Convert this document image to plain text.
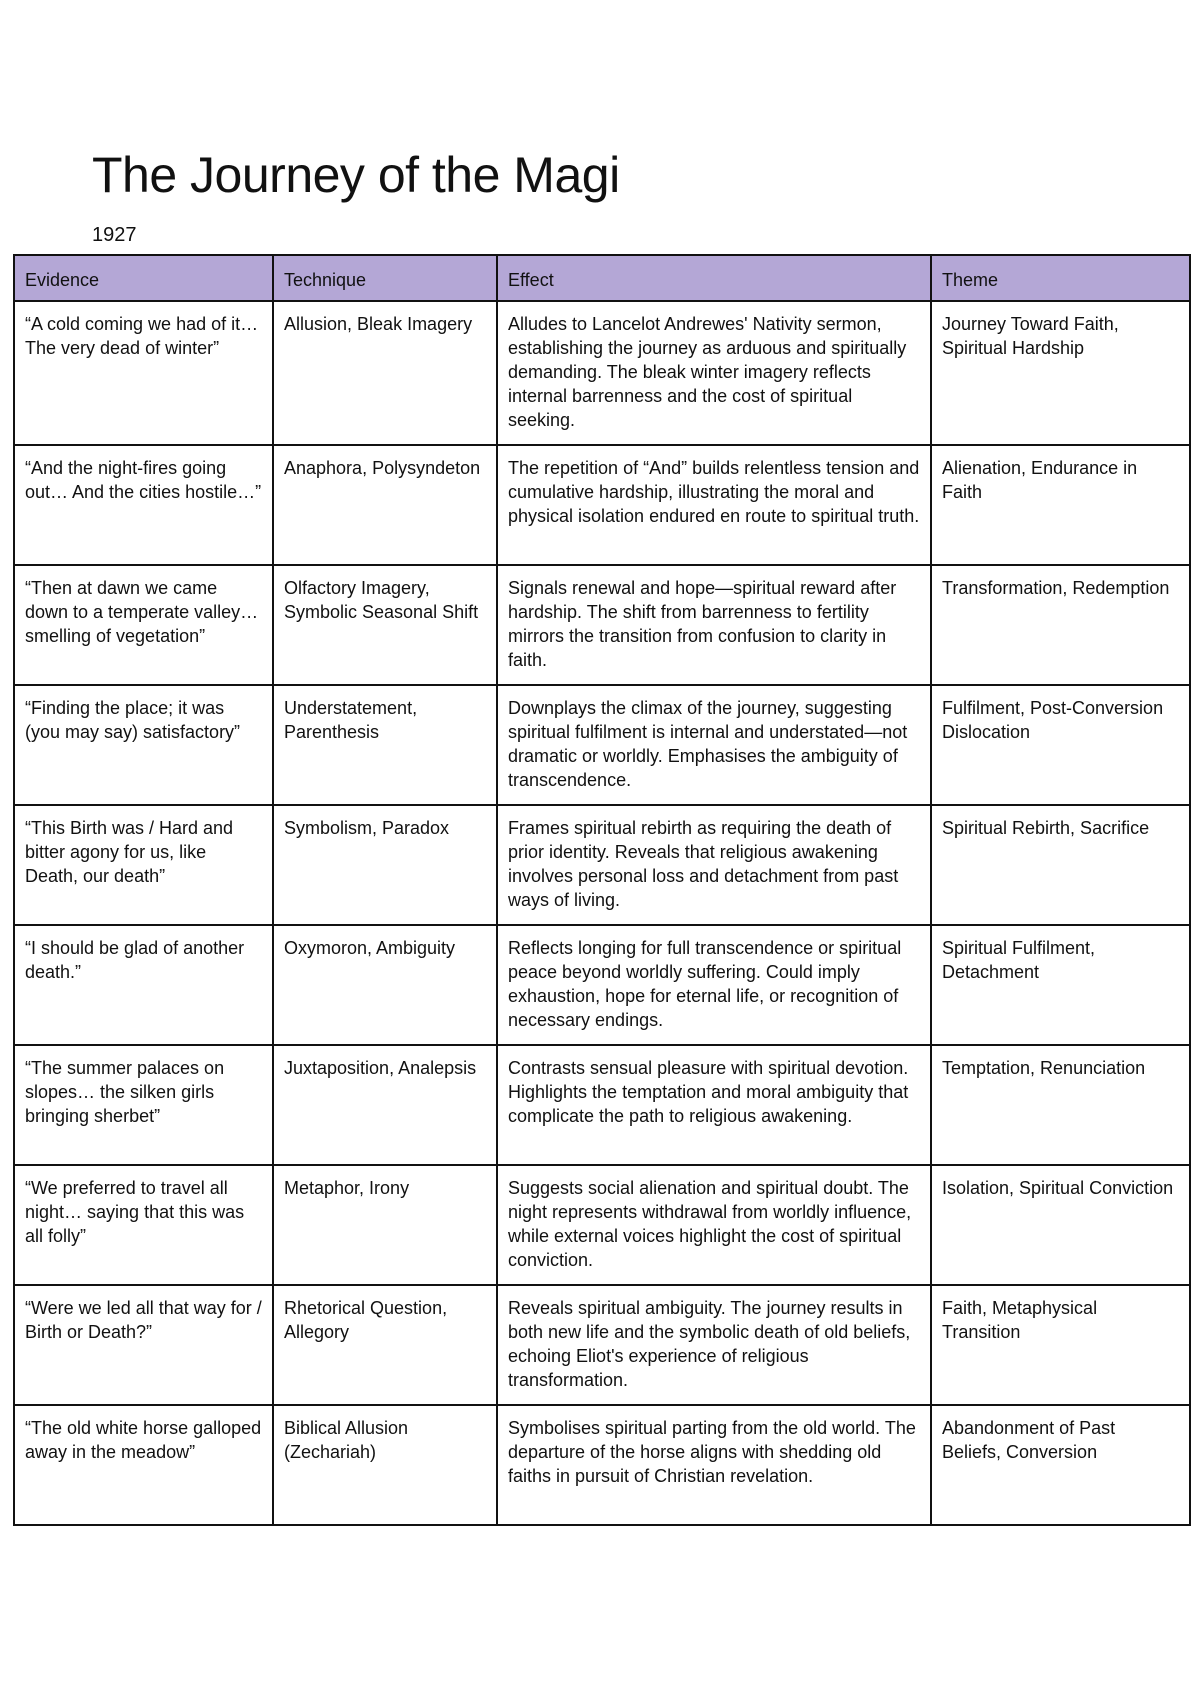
The Journey of the Magi

1927

Evidence	Technique	Effect	Theme
“A cold coming we had of it… The very dead of winter”	Allusion, Bleak Imagery	Alludes to Lancelot Andrewes' Nativity sermon, establishing the journey as arduous and spiritually demanding. The bleak winter imagery reflects internal barrenness and the cost of spiritual seeking.	Journey Toward Faith, Spiritual Hardship
“And the night-fires going out… And the cities hostile…”	Anaphora, Polysyndeton	The repetition of “And” builds relentless tension and cumulative hardship, illustrating the moral and physical isolation endured en route to spiritual truth.	Alienation, Endurance in Faith
“Then at dawn we came down to a temperate valley…smelling of vegetation”	Olfactory Imagery, Symbolic Seasonal Shift	Signals renewal and hope—spiritual reward after hardship. The shift from barrenness to fertility mirrors the transition from confusion to clarity in faith.	Transformation, Redemption
“Finding the place; it was (you may say) satisfactory”	Understatement, Parenthesis	Downplays the climax of the journey, suggesting spiritual fulfilment is internal and understated—not dramatic or worldly. Emphasises the ambiguity of transcendence.	Fulfilment, Post-Conversion Dislocation
“This Birth was / Hard and bitter agony for us, like Death, our death”	Symbolism, Paradox	Frames spiritual rebirth as requiring the death of prior identity. Reveals that religious awakening involves personal loss and detachment from past ways of living.	Spiritual Rebirth, Sacrifice
“I should be glad of another death.”	Oxymoron, Ambiguity	Reflects longing for full transcendence or spiritual peace beyond worldly suffering. Could imply exhaustion, hope for eternal life, or recognition of necessary endings.	Spiritual Fulfilment, Detachment
“The summer palaces on slopes… the silken girls bringing sherbet”	Juxtaposition, Analepsis	Contrasts sensual pleasure with spiritual devotion. Highlights the temptation and moral ambiguity that complicate the path to religious awakening.	Temptation, Renunciation
“We preferred to travel all night… saying that this was all folly”	Metaphor, Irony	Suggests social alienation and spiritual doubt. The night represents withdrawal from worldly influence, while external voices highlight the cost of spiritual conviction.	Isolation, Spiritual Conviction
“Were we led all that way for / Birth or Death?”	Rhetorical Question, Allegory	Reveals spiritual ambiguity. The journey results in both new life and the symbolic death of old beliefs, echoing Eliot's experience of religious transformation.	Faith, Metaphysical Transition
“The old white horse galloped away in the meadow”	Biblical Allusion (Zechariah)	Symbolises spiritual parting from the old world. The departure of the horse aligns with shedding old faiths in pursuit of Christian revelation.	Abandonment of Past Beliefs, Conversion
